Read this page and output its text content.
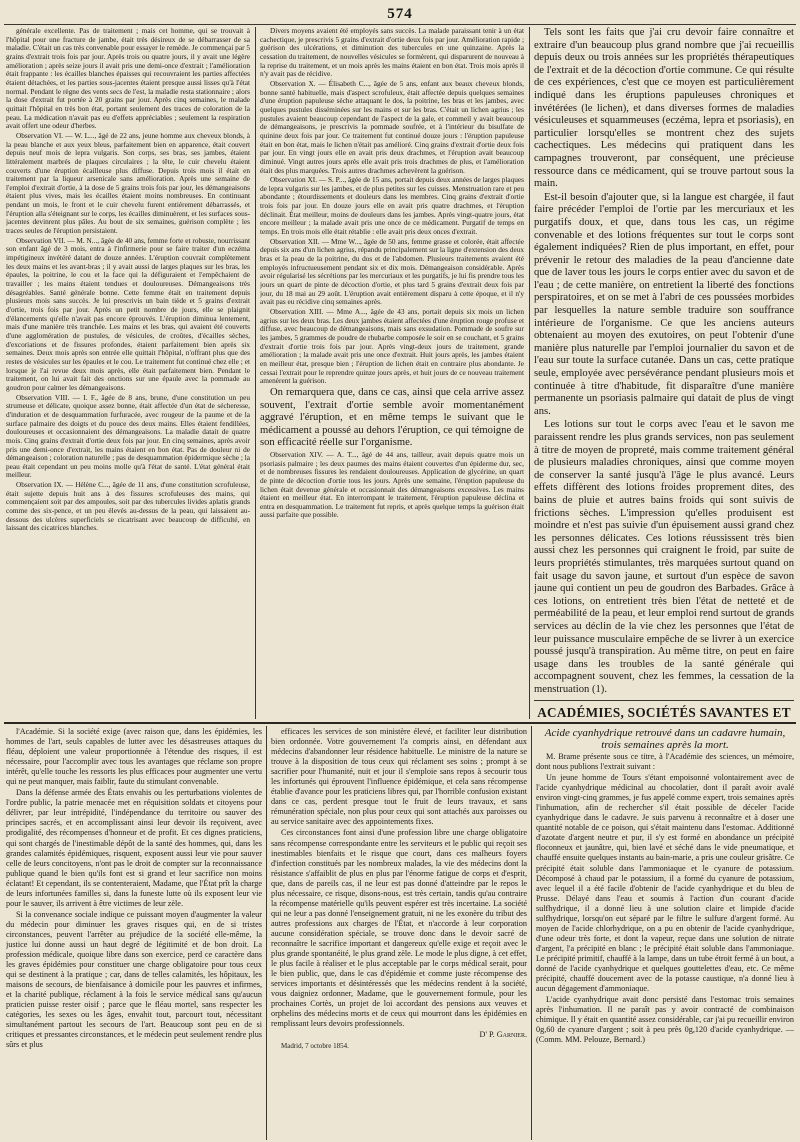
574

générale excellente. Pas de traitement ; mais cet homme, qui se trouvait à l'hôpital pour une fracture de jambe, était très désireux de se débarrasser de sa maladie. C'était un cas très convenable pour essayer le remède. Je commençai par 5 grains d'extrait trois fois par jour. Après trois ou quatre jours, il y avait une légère amélioration ; après seize jours il avait pris une demi-once d'extrait ; l'amélioration était frappante : les écailles blanches épaisses qui recouvraient les parties affectées étaient détachées, et les parties sous-jacentes étaient presque aussi lisses qu'à l'état normal. Pendant le règne des vents secs de l'est, la maladie resta stationnaire ; alors la dose d'extrait fut portée à 20 grains par jour. Après cinq semaines, le malade quittait l'hôpital en très bon état, portant seulement des traces de coloration de la peau. La médication n'avait pas eu d'effets appréciables ; seulement la respiration avait offert une odeur d'herbes.

Observation VI. — W. L..., âgé de 22 ans, jeune homme aux cheveux blonds, à la peau blanche et aux yeux bleus, parfaitement bien en apparence, était couvert depuis neuf mois de lepra vulgaris. Son corps, ses bras, ses jambes, étaient littéralement marbrés de plaques circulaires ; la tête, le cuir chevelu étaient couverts d'une éruption écailleuse plus diffuse. Depuis trois mois il était en traitement par la liqueur arsenicale sans amélioration. Après une semaine de l'emploi d'extrait d'ortie, à la dose de 5 grains trois fois par jour, les démangeaisons étaient plus vives, mais les écailles étaient moins nombreuses. En continuant pendant un mois, le front et le cuir chevelu furent entièrement débarrassés, et l'éruption alla s'éteignant sur le corps, les écailles diminuèrent, et les surfaces sous-jacentes devinrent plus pâles. Au bout de six semaines, guérison complète ; les traces seules de l'éruption persistaient.

Observation VII. — M. N..., âgée de 40 ans, femme forte et robuste, nourrissant son enfant âgé de 3 mois, entra à l'infirmerie pour se faire traiter d'un eczéma impétigineux invétéré datant de douze années. L'éruption couvrait complètement les deux mains et les avant-bras ; il y avait aussi de larges plaques sur les bras, les épaules, la poitrine, le cou et la face qui la défiguraient et l'empêchaient de travailler ; les mains étaient tendues et douloureuses. Démangeaisons très désagréables. Santé générale bonne. Cette femme était en traitement depuis plusieurs mois sans succès. Je lui prescrivis un bain tiède et 5 grains d'extrait d'ortie, trois fois par jour. Après un petit nombre de jours, elle se plaignit d'élancements qu'elle n'avait pas encore éprouvés. L'éruption diminua lentement, mais d'une manière très tranchée. Les mains et les bras, qui avaient été couverts d'une agglomération de pustules, de vésicules, de croûtes, d'écailles sèches, d'excoriations et de fissures profondes, étaient parfaitement bien après six semaines. Deux mois après son entrée elle quittait l'hôpital, n'offrant plus que des restes de vésicules sur les épaules et le cou. Le traitement fut continué chez elle ; et lorsque je l'ai revue deux mois après, elle était parfaitement bien. Pendant le traitement, on lui avait fait des onctions sur une épaule avec la pommade au goudron pour calmer les démangeaisons.

Observation VIII. — I. F., âgée de 8 ans, brune, d'une constitution un peu strumeuse et délicate, quoique assez bonne, était affectée d'un état de sécheresse, d'induration et de desquammation furfuracée, avec rougeur de la paume et de la surface palmaire des doigts et du pouce des deux mains. Elles étaient fendillées, douloureuses et occasionnaient des démangeaisons. La maladie datait de quatre mois. Cinq grains d'extrait d'ortie deux fois par jour. En cinq semaines, après avoir pris une demi-once d'extrait, les mains étaient en bon état. Pas de douleur ni de démangeaison ; coloration naturelle ; pas de desquammation épidermique sèche ; la peau était cependant un peu moins molle qu'à l'état de santé. L'état général était meilleur.

Observation IX. — Hélène C..., âgée de 11 ans, d'une constitution scrofuleuse, était sujette depuis huit ans à des fissures scrofuleuses des mains, qui commençaient soit par des ampoules, soit par des tubercules livides aplatis grands comme des six-pence, et un peu élevés au-dessus de la peau, qui laissaient au-dessous des ulcères superficiels se cicatrisant avec beaucoup de difficulté, en laissant des cicatrices blanches.

Divers moyens avaient été employés sans succès. La malade paraissant tenir à un état cachectique, je prescrivis 5 grains d'extrait d'ortie deux fois par jour. Amélioration rapide ; guérison des ulcérations, et diminution des tubercules en une quinzaine. Après la cessation du traitement, de nouvelles vésicules se formèrent, qui disparurent de nouveau à la reprise du traitement, et un mois après les mains étaient en bon état. Trois mois après il n'y avait pas de récidive.

Observation X. — Élisabeth C..., âgée de 5 ans, enfant aux beaux cheveux blonds, bonne santé habituelle, mais d'aspect scrofuleux, était affectée depuis quelques semaines d'une éruption papuleuse sèche attaquant le dos, la poitrine, les bras et les jambes, avec quelques pustules disséminées sur les mains et sur les bras. C'était un lichen agrius ; les pustules avaient beaucoup cependant de l'aspect de la gale, et commeil y avait beaucoup de démangeaisons, je prescrivis la pommade soufrée, et à l'intérieur du bisulfate de quinine deux fois par jour. Ce traitement fut continué douze jours : l'éruption papuleuse était en bon état, mais le lichen n'était pas amélioré. Cinq grains d'extrait d'ortie deux fois par jour. En vingt jours elle en avait pris deux drachmes, et l'éruption avait beaucoup diminué. Vingt autres jours après elle avait pris trois drachmes de plus, et l'amélioration était des plus marquées. Trois autres drachmes achevèrent la guérison.

Observation XI. — S. P..., âgée de 15 ans, portait depuis deux années de larges plaques de lepra vulgaris sur les jambes, et de plus petites sur les cuisses. Menstruation rare et peu abondante ; étourdissements et douleurs dans les membres. Cinq grains d'extrait d'ortie trois fois par jour. En douze jours elle en avait pris quatre drachmes, et l'éruption déclinait. État meilleur, moins de douleurs dans les jambes. Après vingt-quatre jours, état encore meilleur ; la malade avait pris une once de ce médicament. Purgatif de temps en temps. En trois mois elle était rétablie : elle avait pris deux onces d'extrait.

Observation XII. — Mme W..., âgée de 50 ans, femme grasse et colorée, était affectée depuis six ans d'un lichen agrius, répandu principalement sur la ligne d'extension des deux bras et la peau de la poitrine, du dos et de l'abdomen. Plusieurs traitements avaient été employés infructueusement pendant six et dix mois. Démangeaison considérable. Après avoir régularisé les sécrétions par les mercuriaux et les purgatifs, je lui fis prendre tous les jours un quart de pinte de décoction d'ortie, et plus tard 5 grains d'extrait deux fois par jour, du 18 mai au 29 août. L'éruption avait entièrement disparu à cette époque, et il n'y avait pas eu récidive cinq semaines après.

Observation XIII. — Mme A..., âgée de 43 ans, portait depuis six mois un lichen agrius sur les deux bras. Les deux jambes étaient affectées d'une éruption rouge profuse et diffuse, avec beaucoup de démangeaisons, mais sans exsudation. Pommade de soufre sur les jambes, 5 grammes de poudre de rhubarbe composée le soir en se couchant, et 5 grains d'extrait d'ortie trois fois par jour. Après vingt-deux jours de traitement, grande amélioration ; la malade avait pris une once d'extrait. Huit jours après, les jambes étaient en meilleur état, presque bien ; l'éruption de lichen était en contraire plus abondante. Je cessai l'extrait pour le reprendre quinze jours après, et huit jours de ce nouveau traitement amenèrent la guérison.

On remarquera que, dans ce cas, ainsi que cela arrive assez souvent, l'extrait d'ortie semble avoir momentanément aggravé l'éruption, et en même temps le suivant que le médicament a poussé au dehors l'éruption, ce qui témoigne de son efficacité réelle sur l'organisme.

Observation XIV. — A. T..., âgé de 44 ans, tailleur, avait depuis quatre mois un psoriasis palmaire ; les deux paumes des mains étaient couvertes d'un épiderme dur, sec, et de nombreuses fissures les rendaient douloureuses. Application de glycérine, un quart de pinte de décoction d'ortie tous les jours. Après une semaine, l'éruption papuleuse du lichen était devenue générale et occasionnait des démangeaisons excessives. Les mains étaient en meilleur état. En interrompant le traitement, l'éruption papuleuse déclina et entra en desquammation. Le traitement fut repris, et après quelque temps la guérison était aussi parfaite que possible.

Tels sont les faits que j'ai cru devoir faire connaître et extraire d'un beaucoup plus grand nombre que j'ai recueillis depuis deux ou trois années sur les propriétés thérapeutiques de l'extrait et de la décoction d'ortie commune. Ce qui résulte de ces expériences, c'est que ce moyen est particulièrement indiqué dans les éruptions papuleuses chroniques et invétérées (le lichen), et dans diverses formes de maladies vésiculeuses et squammeuses (eczéma, lepra et psoriasis), en particulier lorsqu'elles se montrent chez des sujets cachectiques. Les médecins qui pratiquent dans les campagnes trouveront, par conséquent, une précieuse ressource dans ce médicament, qui se trouve partout sous la main.

Est-il besoin d'ajouter que, si la langue est chargée, il faut faire précéder l'emploi de l'ortie par les mercuriaux et les purgatifs doux, et que, dans tous les cas, un régime convenable et des lotions fréquentes sur tout le corps sont également indiquées? Rien de plus important, en effet, pour prévenir le retour des maladies de la peau d'ancienne date que de laver tous les jours le corps entier avec du savon et de l'eau ; de cette manière, on entretient la liberté des fonctions perspiratoires, et on se met à l'abri de ces poussées morbides par lesquelles la nature semble traduire son souffrance intérieure de l'organisme. Ce que les anciens auteurs obtenaient au moyen des exutoires, on peut l'obtenir d'une manière plus naturelle par l'emploi journalier du savon et de l'eau sur toute la surface cutanée. Dans un cas, cette pratique seule, employée avec persévérance pendant plusieurs mois et continuée à titre d'habitude, fit disparaître d'une manière permanente un psoriasis palmaire qui datait de plus de vingt ans.

Les lotions sur tout le corps avec l'eau et le savon me paraissent rendre les plus grands services, non pas seulement à titre de moyen de propreté, mais comme traitement général de plusieurs maladies chroniques, ainsi que comme moyen de conserver la santé jusqu'à l'âge le plus avancé. Leurs effets diffèrent des lotions froides proprement dites, des bains de pluie et autres bains froids qui sont suivis de frictions sèches. L'impression qu'elles produisent est moindre et n'est pas suivie d'un épuisement aussi grand chez les personnes délicates. Ces lotions réussissent très bien aussi chez les personnes qui craignent le froid, par suite de leurs propriétés stimulantes, très marquées surtout quand on fait usage du savon jaune, et surtout d'un espèce de savon jaune qui contient un peu de goudron des Barbades. Grâce à ces lotions, on entretient très bien l'état de netteté et de perméabilité de la peau, et leur emploi rend surtout de grands services au déclin de la vie chez les personnes que l'état de leur puissance musculaire empêche de se livrer à un exercice poussé jusqu'à transpiration. Au même titre, on peut en faire usage dans les troubles de la santé générale qui accompagnent souvent, chez les femmes, la cessation de la menstruation (1).

ACADÉMIES, SOCIÉTÉS SAVANTES ET

l'Académie. Si la société exige (avec raison que, dans les épidémies, les hommes de l'art, seuls capables de lutter avec les désastreuses attaques du fléau, déploient une valeur proportionnée à l'étendue des risques, il est nécessaire, pour l'accomplir avec tous les avantages que réclame son propre intérêt, qu'elle touche les ressorts les plus efficaces pour augmenter une vertu qui ne peut manquer, mais faiblir, faute du stimulant convenable.

Dans la défense armée des États envahis ou les perturbations violentes de l'ordre public, la patrie menacée met en réquisition soldats et citoyens pour délivrer, par leur intrépidité, l'indépendance du territoire ou sauver des principes sacrés, et en accomplissant ainsi leur devoir ils reçoivent, avec prodigalité, des récompenses d'honneur et de profit. Et ces dignes praticiens, qui sont chargés de l'inestimable dépôt de la santé des hommes, qui, dans les grandes calamités épidémiques, risquent, exposent aussi leur vie pour sauver celle de leurs concitoyens, n'ont pas le droit de compter sur la reconnaissance publique quand le bien qu'ils font est si grand et leur sacrifice non moins éclatant! Et cependant, ils se contenteraient, Madame, que l'État prît la charge de leurs infortunées familles si, dans la funeste lutte où ils exposent leur vie pour le sauver, ils arrivent à être victimes de leur zèle.

Si la convenance sociale indique ce puissant moyen d'augmenter la valeur du médecin pour diminuer les graves risques qui, en de si tristes circonstances, peuvent l'arrêter au préjudice de la société elle-même, la justice lui donne aussi un haut degré de légitimité et de bon droit. La profession médicale, quoique libre dans son exercice, perd ce caractère dans les graves épidémies pour constituer une charge obligatoire pour tous ceux qui se destinent à la pratique ; car, dans de telles calamités, les hôpitaux, les maisons de secours, de bienfaisance à domicile pour les pauvres et infirmes, et la charité publique, réclament à la fois le service médical sans qu'aucun praticien puisse rester oisif ; parce que le fléau mortel, sans respecter les catégories, les sexes ou les âges, envahit tout, parcourt tout, nécessitant simultanément partout les secours de l'art. Beaucoup sont peu en de si critiques et pressantes circonstances, et le médecin peut seulement rendre plus sûrs et plus

efficaces les services de son ministère élevé, et faciliter leur distribution bien ordonnée. Votre gouvernement l'a compris ainsi, en défendant aux médecins d'abandonner leur résidence habituelle. Le ministre de la nature se trouve à la disposition de tous ceux qui réclament ses soins ; prompt à se sacrifier pour l'humanité, nuit et jour il s'emploie sans repos à secourir tous les infortunés qui éprouvent l'influence épidémique, et cela sans récompense établie d'avance pour les praticiens libres qui, par l'horrible confusion existant dans ce cas, perdent presque tout le fruit de leurs travaux, et sans rémunération spéciale, non plus pour ceux qui sont attachés aux paroisses ou au service sanitaire avec des appointements fixes.

Ces circonstances font ainsi d'une profession libre une charge obligatoire sans récompense correspondante entre les serviteurs et le public qui reçoit ses inestimables bienfaits et le risque que court, dans ces malheurs foyers d'infection constitués par les nombreux malades, la vie des médecins dont la résistance s'affaiblit de plus en plus par l'énorme fatigue de corps et d'esprit, que, dans de pareils cas, il ne leur est pas donné d'atteindre par le repos le plus nécessaire, ce risque, disons-nous, est très certain, tandis qu'au contraire la récompense matérielle qu'ils peuvent espérer est très incertaine. La société qui ne leur a pas donné l'enseignement gratuit, ni ne les exonère du tribut des autres professions aux charges de l'État, et n'accorde à leur corporation aucune considération spéciale, se trouve donc dans le devoir sacré de reconnaître le sacrifice important et dangereux qu'elle exige et reçoit avec le plus grande spontanéité, le plus grand zèle. Le mode le plus digne, à cet effet, le plus facile à réaliser et le plus acceptable par le corps médical serait, pour le bien public, que, dans le cas d'épidémie et comme juste récompense des services importants et désintéressés que les médecins rendent à la société, vous daigniez ordonner, Madame, que le gouvernement formule, pour les prochaines Cortès, un projet de loi accordant des pensions aux veuves et orphelins des médecins morts et de ceux qui mourront dans les épidémies en remplissant leurs devoirs professionnels.

D' P. Garnier.

Madrid, 7 octobre 1854.

Acide cyanhydrique retrouvé dans un cadavre humain, trois semaines après la mort.

M. Brame présente sous ce titre, à l'Académie des sciences, un mémoire, dont nous publions l'extrait suivant :

Un jeune homme de Tours s'étant empoisonné volontairement avec de l'acide cyanhydrique médicinal au chocolatier, dont il paraît avoir avalé environ vingt-cinq grammes, je fus appelé comme expert, trois semaines après l'inhumation, afin de rechercher s'il était possible de déceler l'acide cyanhydrique dans le cadavre. Je suis parvenu à reconnaître et à doser une quantité notable de ce poison, qui s'était maintenu dans l'estomac. Additionné d'azotate d'argent neutre et pur, il s'y est formé en abondance un précipité floconneux et jaunâtre, qui, bien lavé et séché dans le vide pneumatique, et chauffé ensuite quelques instants au bain-marie, a pris une couleur grisâtre. Ce précipité était soluble dans l'ammoniaque et le cyanure de potassium. Décomposé à chaud par le potassium, il a formé du cyanure de potassium, avec lequel il a été facile d'obtenir de l'acide cyanhydrique et du bleu de Prusse. Délayé dans l'eau et soumis à l'action d'un courant d'acide sulfhydrique, il a donné lieu à une solution claire et limpide d'acide sulfhydrique, lorsqu'on eut séparé par le filtre le sulfure d'argent formé. Au moyen de l'acide chlorhydrique, on a pu en obtenir de l'acide cyanhydrique, d'une odeur très forte, et dont la vapeur, reçue dans une solution de nitrate d'argent, l'a précipité en blanc ; le précipité était soluble dans l'ammoniaque. Le précipité primitif, chauffé à la lampe, dans un tube étroit fermé à un bout, a donné de l'acide cyanhydrique et quelques gouttelettes d'eau, etc. Ce même précipité, chauffé doucement avec de la potasse caustique, n'a donné lieu à aucun dégagement d'ammoniaque.

L'acide cyanhydrique avait donc persisté dans l'estomac trois semaines après l'inhumation. Il ne paraît pas y avoir contracté de combinaison chimique. Il y était en quantité assez considérable, car j'ai pu recueillir environ 0g,60 de cyanure d'argent ; soit à peu près 0g,120 d'acide cyanhydrique. — (Comm. MM. Pelouze, Bernard.)
